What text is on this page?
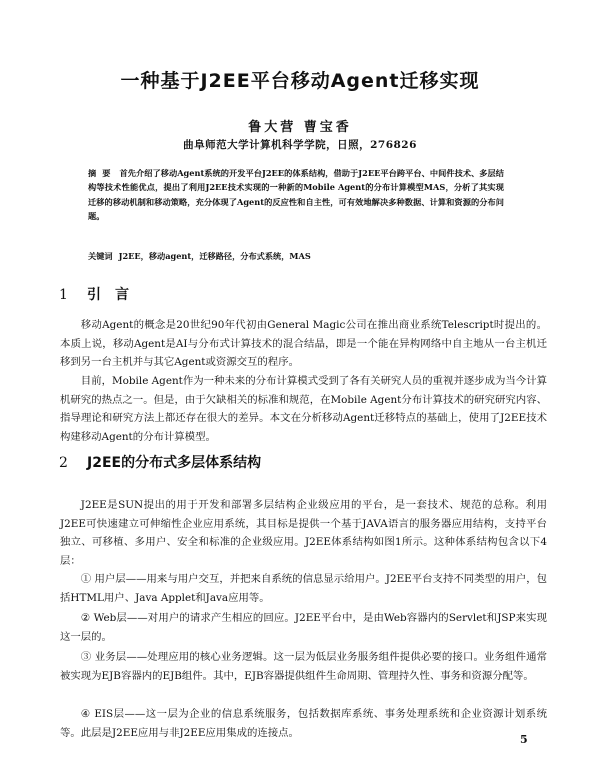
一种基于J2EE平台移动Agent迁移实现
鲁大营 曹宝香
曲阜师范大学计算机科学学院，日照，276826
摘要 首先介绍了移动Agent系统的开发平台J2EE的体系结构，借助于J2EE平台跨平台、中间件技术、多层结构等技术性能优点，提出了利用J2EE技术实现的一种新的Mobile Agent的分布计算模型MAS，分析了其实现迁移的移动机制和移动策略，充分体现了Agent的反应性和自主性，可有效地解决多种数据、计算和资源的分布问题。
关键词 J2EE，移动agent，迁移路径，分布式系统，MAS
1 引言
移动Agent的概念是20世纪90年代初由General Magic公司在推出商业系统Telescript时提出的。本质上说，移动Agent是AI与分布式计算技术的混合结晶，即是一个能在异构网络中自主地从一台主机迁移到另一台主机并与其它Agent或资源交互的程序。
目前，Mobile Agent作为一种未来的分布计算模式受到了各有关研究人员的重视并逐步成为当今计算机研究的热点之一。但是，由于欠缺相关的标准和规范，在Mobile Agent分布计算技术的研究研究内容、指导理论和研究方法上都还存在很大的差异。本文在分析移动Agent迁移特点的基础上，使用了J2EE技术构建移动Agent的分布计算模型。
2 J2EE的分布式多层体系结构
J2EE是SUN提出的用于开发和部署多层结构企业级应用的平台，是一套技术、规范的总称。利用J2EE可快速建立可伸缩性企业应用系统，其目标是提供一个基于JAVA语言的服务器应用结构，支持平台独立、可移植、多用户、安全和标准的企业级应用。J2EE体系结构如图1所示。这种体系结构包含以下4层：
① 用户层——用来与用户交互，并把来自系统的信息显示给用户。J2EE平台支持不同类型的用户，包括HTML用户、Java Applet和Java应用等。
② Web层——对用户的请求产生相应的回应。J2EE平台中，是由Web容器内的Servlet和JSP来实现这一层的。
③ 业务层——处理应用的核心业务逻辑。这一层为低层业务服务组件提供必要的接口。业务组件通常被实现为EJB容器内的EJB组件。其中，EJB容器提供组件生命周期、管理持久性、事务和资源分配等。
④ EIS层——这一层为企业的信息系统服务，包括数据库系统、事务处理系统和企业资源计划系统等。此层是J2EE应用与非J2EE应用集成的连接点。
5
